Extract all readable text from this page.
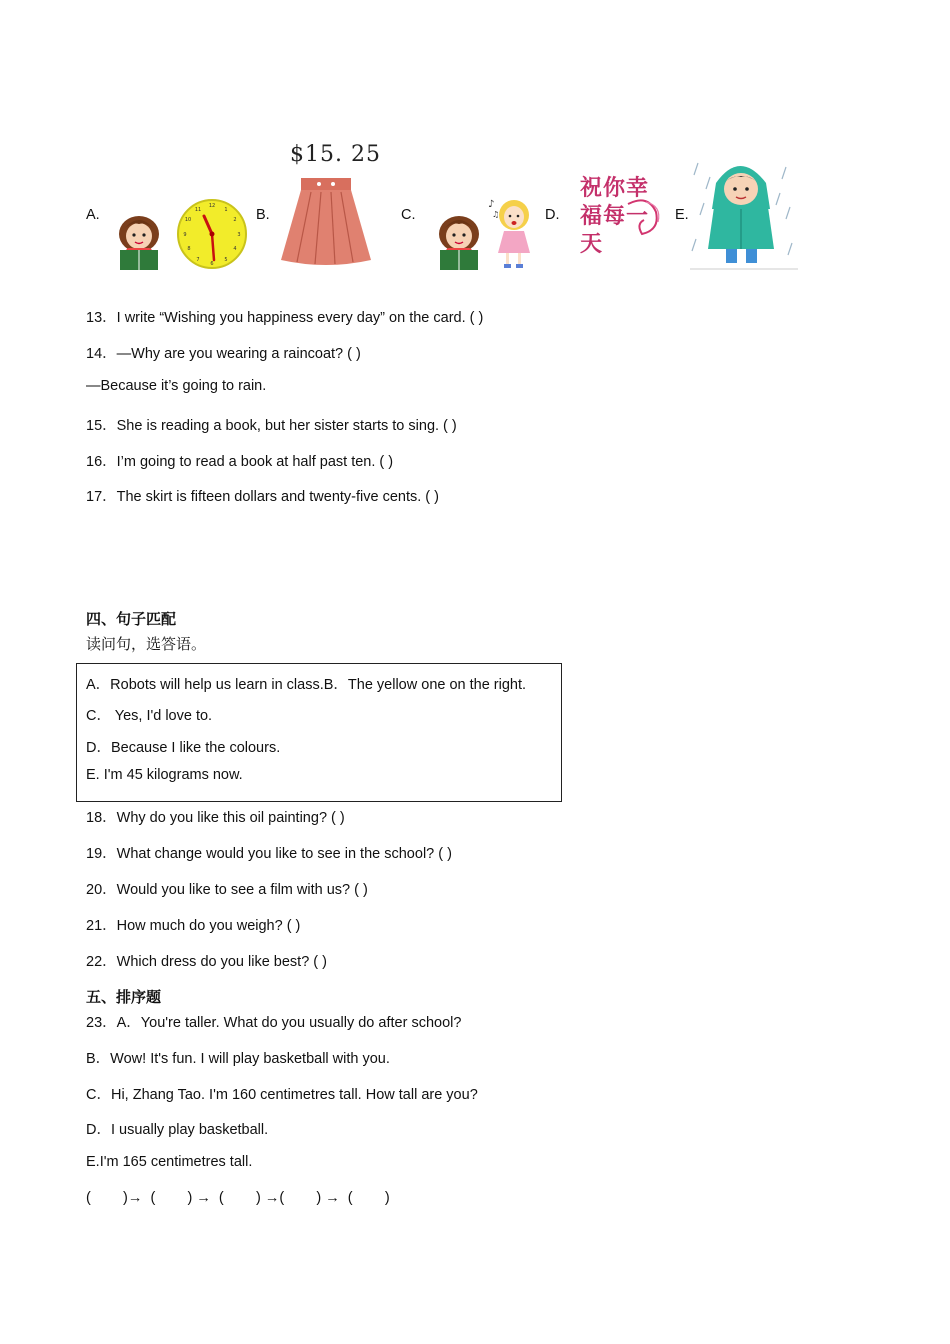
A.
12
1
2
3
4
5
6
7
8
9
10
11	B.
$15. 25
C.
♪
♫	D.
祝你幸福每一天
E.
13．I write “Wishing you happiness every day” on the card. ( )
14．—Why are you wearing a raincoat? ( )
—Because it’s going to rain.
15．She is reading a book, but her sister starts to sing. ( )
16．I’m going to read a book at half past ten. ( )
17．The skirt is fifteen dollars and twenty-five cents. ( )
四、句子匹配
读问句，选答语。
A．Robots will help us learn in class.B．The yellow one on the right.
C． Yes, I'd love to.
D．Because I like the colours.
E. I'm 45 kilograms now.
18．Why do you like this oil painting? ( )
19．What change would you like to see in the school? ( )
20．Would you like to see a film with us? ( )
21．How much do you weigh? ( )
22．Which dress do you like best? ( )
五、排序题
23．A．You're taller. What do you usually do after school?
B．Wow! It's fun. I will play basketball with you.
C．Hi, Zhang Tao. I'm 160 centimetres tall. How tall are you?
D．I usually play basketball.
E.I'm 165 centimetres tall.
(        )→  (        ) →  (        ) →(        ) →  (        )
